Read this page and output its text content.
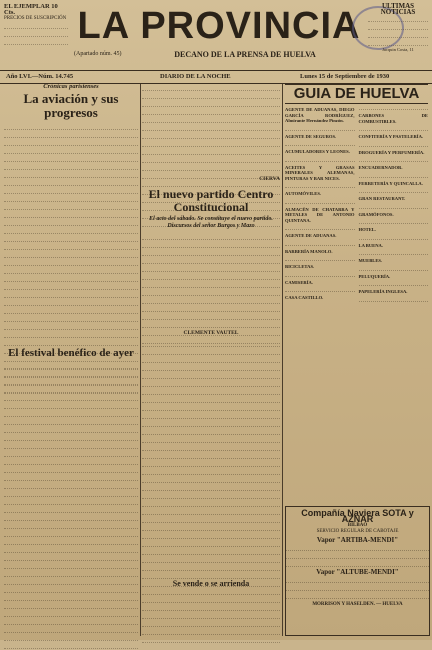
EL EJEMPLAR 10 Cts.
PRECIOS DE SUSCRIPCIÓN LA PROVINCIA
(Apartado núm. 45)	DECANO DE LA PRENSA DE HUELVA
ULTIMAS NOTICIAS
Jacquin Costa, 11
Año LVI.—Núm. 14.745	DIARIO DE LA NOCHE	Lunes 15 de Septiembre de 1930
Crónicas parisienses
La aviación y sus progresos
CLEMENTE VAUTEL
El nuevo partido Centro Constitucional
El acto del sábado. Se constituye el nuevo partido. Discursos del señor Burgos y Mazo
El festival benéfico de ayer
CIERVA
Se vende o se arrienda
GUIA DE HUELVA
AGENTE DE ADUANAS, DIEGO GARCÍA RODRÍGUEZ, Almirante Hernández Pinzón.
AGENTE DE SEGUROS.
ACUMULADORES Y LEONES.
ACEITES Y GRASAS MINERALES ALEMANAS, PINTURAS Y BAR NICES.
AUTOMÓVILES.
ALMACÉN DE CHATARRA Y METALES DE ANTONIO QUINTANA.
AGENTE DE ADUANAS.
BARBERÍA MANOLO.
BICICLETAS.
CAMISERÍA.
CASA CASTILLO.
CARBONES DE COMBUSTIBLES.
CONFITERÍA Y PASTELERÍA.
DROGUERÍA Y PERFUMERÍA.
ENCUADERNADOR.
FERRETERÍA Y QUINCALLA.
GRAN RESTAURANT.
GRAMÓFONOS.
HOTEL.
LA BUENA.
MUEBLES.
PELUQUERÍA.
PAPELERÍA INGLESA.
Compañía Naviera SOTA y AZNAR
BILBAO
SERVICIO REGULAR DE CABOTAJE
Vapor "ARTIBA-MENDI"
Vapor "ALTUBE-MENDI"
MORRISON Y HASELDEN. — HUELVA
